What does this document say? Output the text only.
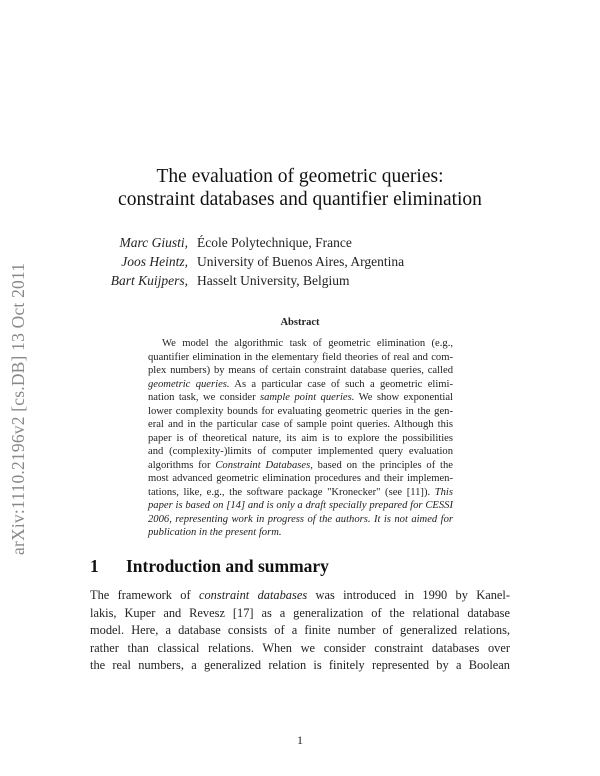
arXiv:1110.2196v2 [cs.DB] 13 Oct 2011
The evaluation of geometric queries:
constraint databases and quantifier elimination
Marc Giusti, École Polytechnique, France
Joos Heintz, University of Buenos Aires, Argentina
Bart Kuijpers, Hasselt University, Belgium
Abstract
We model the algorithmic task of geometric elimination (e.g.,
quantifier elimination in the elementary field theories of real and com-
plex numbers) by means of certain constraint database queries, called
geometric queries. As a particular case of such a geometric elimi-
nation task, we consider sample point queries. We show exponential
lower complexity bounds for evaluating geometric queries in the gen-
eral and in the particular case of sample point queries. Although this
paper is of theoretical nature, its aim is to explore the possibilities
and (complexity-)limits of computer implemented query evaluation
algorithms for Constraint Databases, based on the principles of the
most advanced geometric elimination procedures and their implemen-
tations, like, e.g., the software package "Kronecker" (see [11]). This
paper is based on [14] and is only a draft specially prepared for CESSI
2006, representing work in progress of the authors. It is not aimed for
publication in the present form.
1 Introduction and summary
The framework of constraint databases was introduced in 1990 by Kanel-
lakis, Kuper and Revesz [17] as a generalization of the relational database
model. Here, a database consists of a finite number of generalized relations,
rather than classical relations. When we consider constraint databases over
the real numbers, a generalized relation is finitely represented by a Boolean
1
